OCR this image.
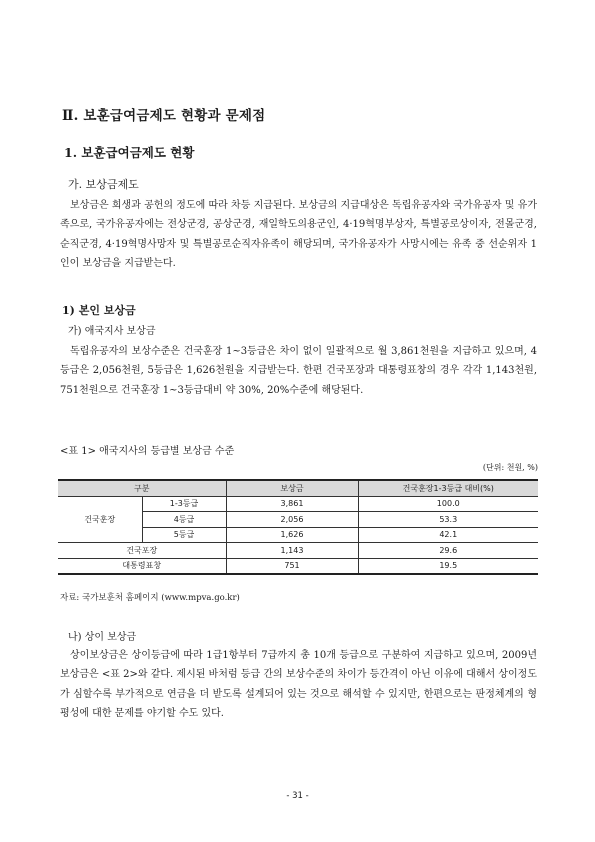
Ⅱ. 보훈급여금제도 현황과 문제점
1. 보훈급여금제도 현황
가. 보상금제도

보상금은 희생과 공헌의 정도에 따라 차등 지급된다. 보상금의 지급대상은 독립유공자와 국가유공자 및 유가족으로, 국가유공자에는 전상군경, 공상군경, 재일학도의용군인, 4·19혁명부상자, 특별공로상이자, 전몰군경, 순직군경, 4·19혁명사망자 및 특별공로순직자유족이 해당되며, 국가유공자가 사망시에는 유족 중 선순위자 1인이 보상금을 지급받는다.

1) 본인 보상금
가) 애국지사 보상금

독립유공자의 보상수준은 건국훈장 1~3등급은 차이 없이 일괄적으로 월 3,861천원을 지급하고 있으며, 4등급은 2,056천원, 5등급은 1,626천원을 지급받는다. 한편 건국포장과 대통령표창의 경우 각각 1,143천원, 751천원으로 건국훈장 1~3등급대비 약 30%, 20%수준에 해당된다.

<표 1> 애국지사의 등급별 보상금 수준
(단위: 천원, %)
구분		보상금	건국훈장1-3등급 대비(%)
건국훈장	1-3등급	3,861	100.0
	4등급	2,056	53.3
	5등급	1,626	42.1
건국포장		1,143	29.6
대통령표창		751	19.5
자료: 국가보훈처 홈페이지 (www.mpva.go.kr)
나) 상이 보상금

상이보상금은 상이등급에 따라 1급1항부터 7급까지 총 10개 등급으로 구분하여 지급하고 있으며, 2009년 보상금은 <표 2>와 같다. 제시된 바처럼 등급 간의 보상수준의 차이가 등간격이 아닌 이유에 대해서 상이정도가 심할수록 부가적으로 연금을 더 받도록 설계되어 있는 것으로 해석할 수 있지만, 한편으로는 판정체계의 형평성에 대한 문제를 야기할 수도 있다.

- 31 -
